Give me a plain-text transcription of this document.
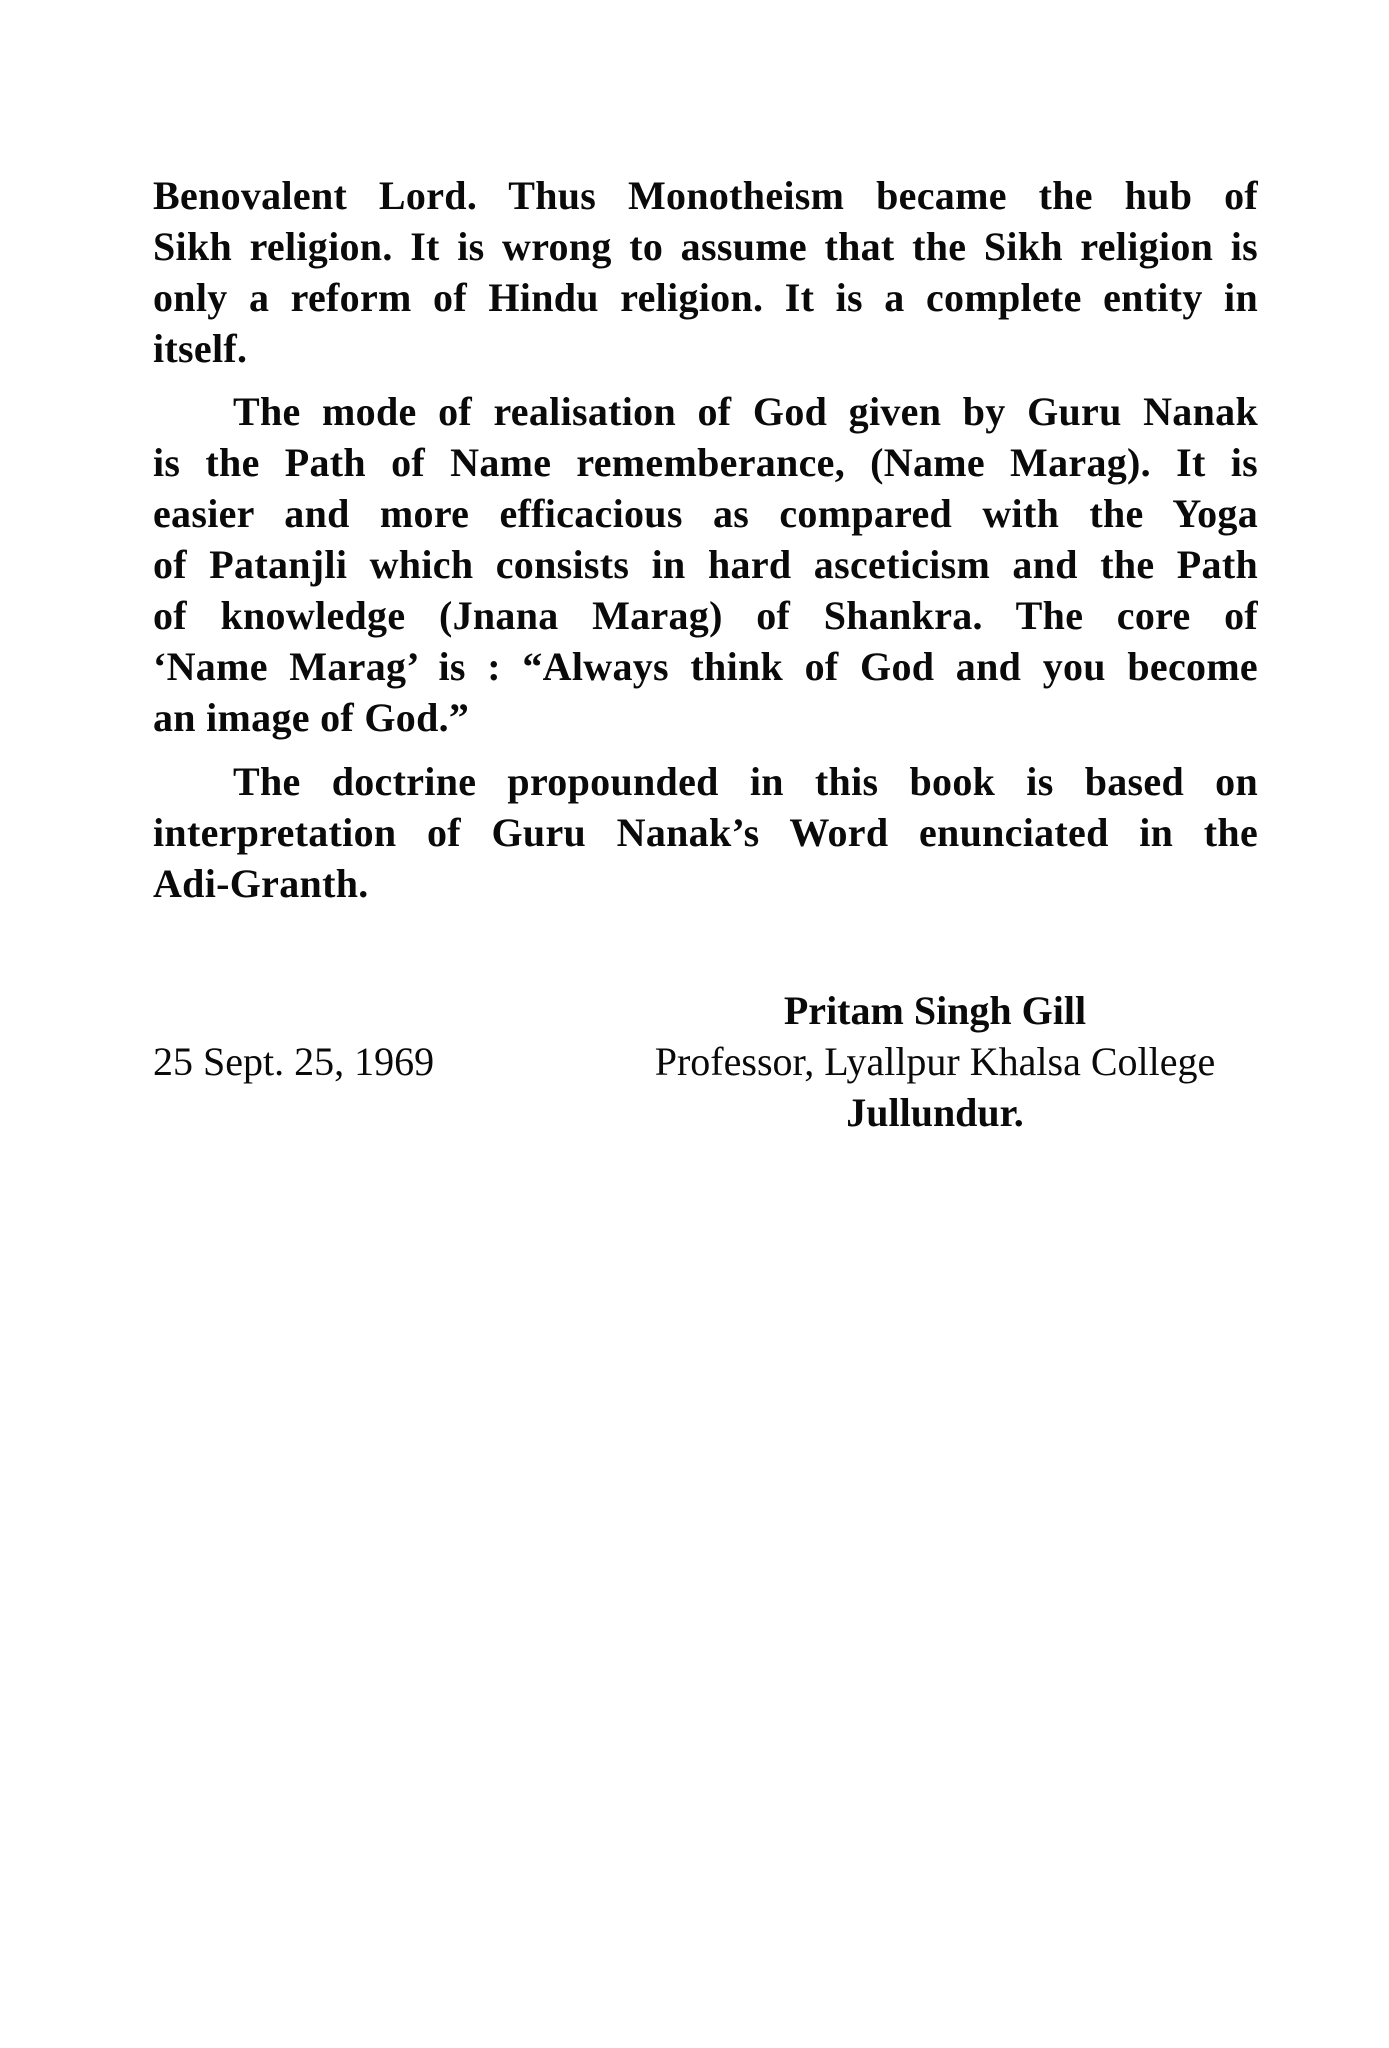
Benovalent Lord. Thus Monotheism became the hub of
Sikh religion. It is wrong to assume that the Sikh religion is
only a reform of Hindu religion. It is a complete entity in
itself.
The mode of realisation of God given by Guru Nanak
is the Path of Name rememberance, (Name Marag). It is
easier and more efficacious as compared with the Yoga
of Patanjli which consists in hard asceticism and the Path
of knowledge (Jnana Marag) of Shankra. The core of
‘Name Marag’ is : “Always think of God and you become
an image of God.”
The doctrine propounded in this book is based on
interpretation of Guru Nanak’s Word enunciated in the
Adi-Granth.
25 Sept. 25, 1969
Pritam Singh Gill
Professor, Lyallpur Khalsa College
Jullundur.
